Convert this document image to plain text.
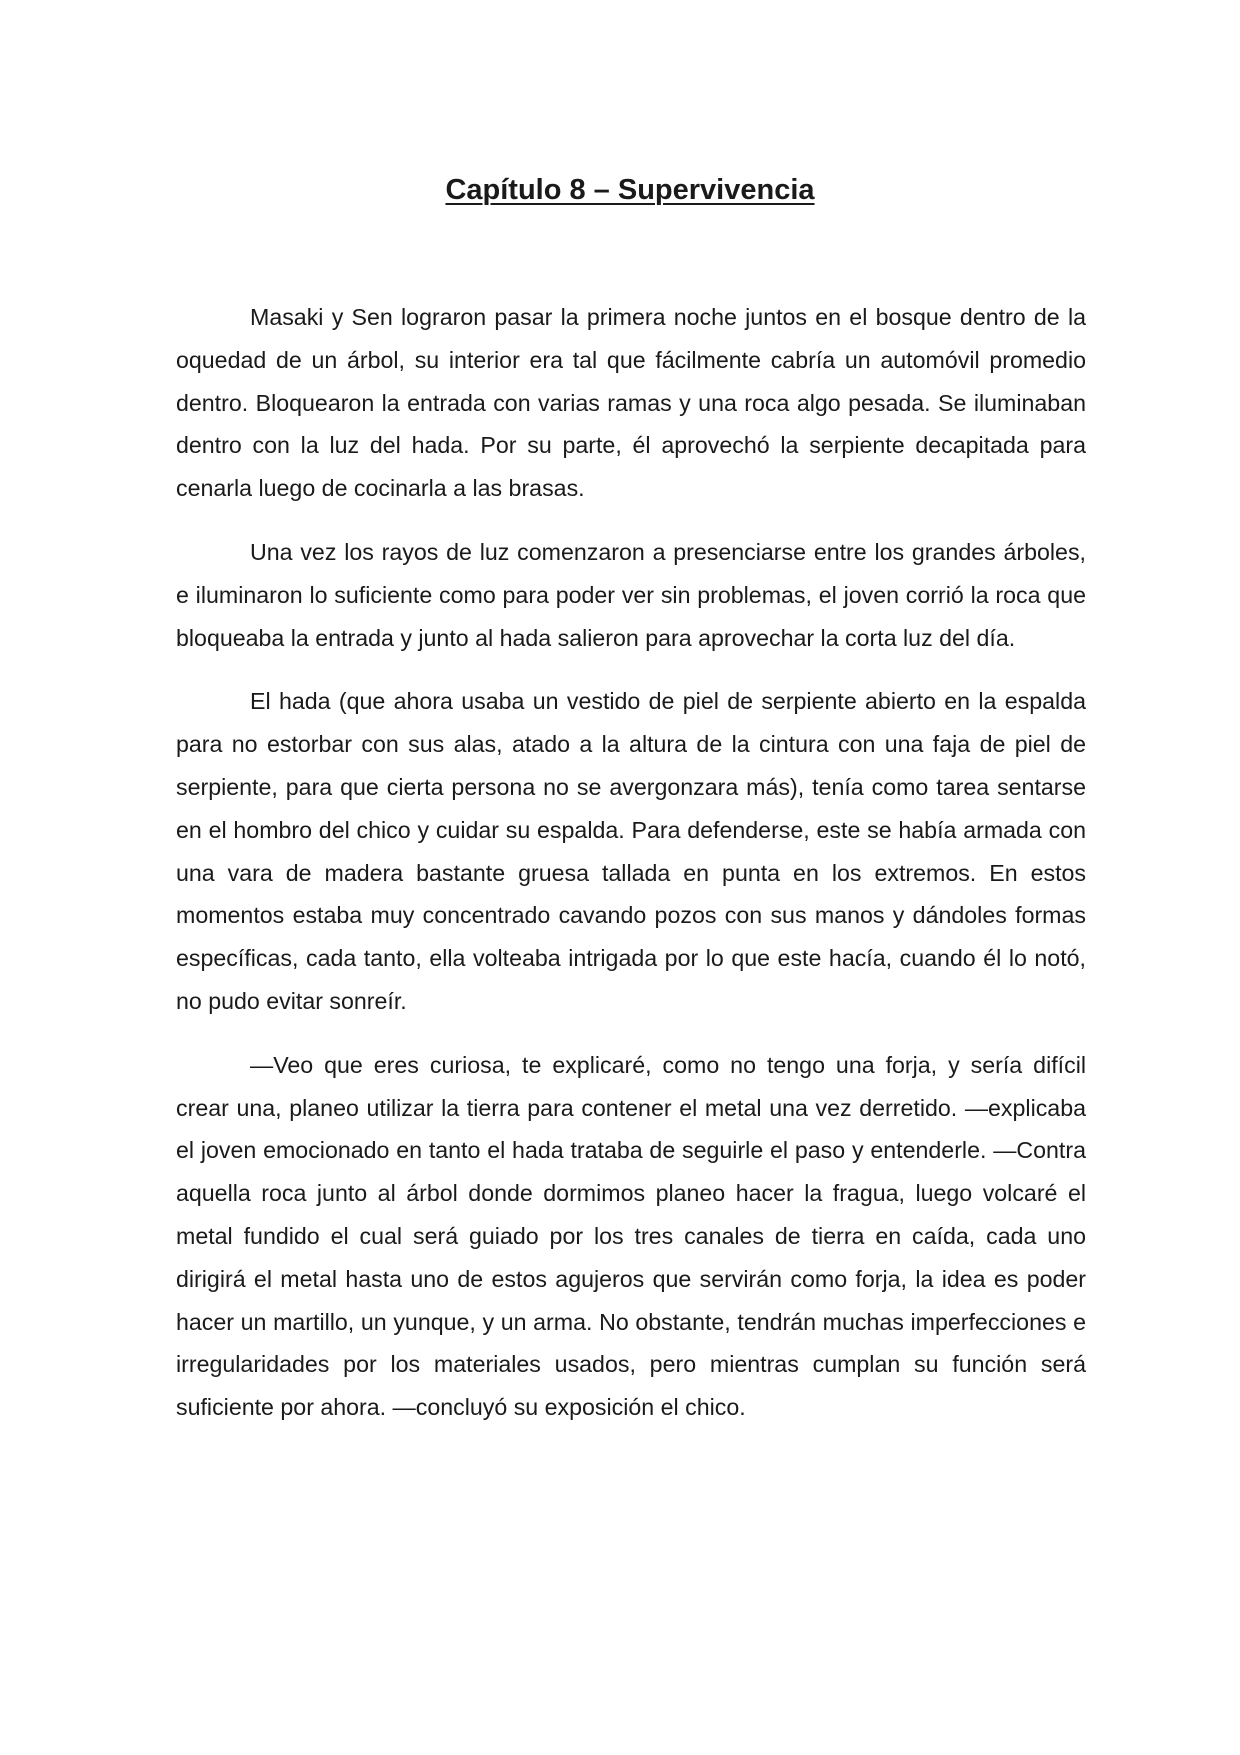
Capítulo 8 – Supervivencia

Masaki y Sen lograron pasar la primera noche juntos en el bosque dentro de la oquedad de un árbol, su interior era tal que fácilmente cabría un automóvil promedio dentro. Bloquearon la entrada con varias ramas y una roca algo pesada. Se iluminaban dentro con la luz del hada. Por su parte, él aprovechó la serpiente decapitada para cenarla luego de cocinarla a las brasas.

Una vez los rayos de luz comenzaron a presenciarse entre los grandes árboles, e iluminaron lo suficiente como para poder ver sin problemas, el joven corrió la roca que bloqueaba la entrada y junto al hada salieron para aprovechar la corta luz del día.

El hada (que ahora usaba un vestido de piel de serpiente abierto en la espalda para no estorbar con sus alas, atado a la altura de la cintura con una faja de piel de serpiente, para que cierta persona no se avergonzara más), tenía como tarea sentarse en el hombro del chico y cuidar su espalda. Para defenderse, este se había armada con una vara de madera bastante gruesa tallada en punta en los extremos. En estos momentos estaba muy concentrado cavando pozos con sus manos y dándoles formas específicas, cada tanto, ella volteaba intrigada por lo que este hacía, cuando él lo notó, no pudo evitar sonreír.

—Veo que eres curiosa, te explicaré, como no tengo una forja, y sería difícil crear una, planeo utilizar la tierra para contener el metal una vez derretido. —explicaba el joven emocionado en tanto el hada trataba de seguirle el paso y entenderle. —Contra aquella roca junto al árbol donde dormimos planeo hacer la fragua, luego volcaré el metal fundido el cual será guiado por los tres canales de tierra en caída, cada uno dirigirá el metal hasta uno de estos agujeros que servirán como forja, la idea es poder hacer un martillo, un yunque, y un arma. No obstante, tendrán muchas imperfecciones e irregularidades por los materiales usados, pero mientras cumplan su función será suficiente por ahora. —concluyó su exposición el chico.
